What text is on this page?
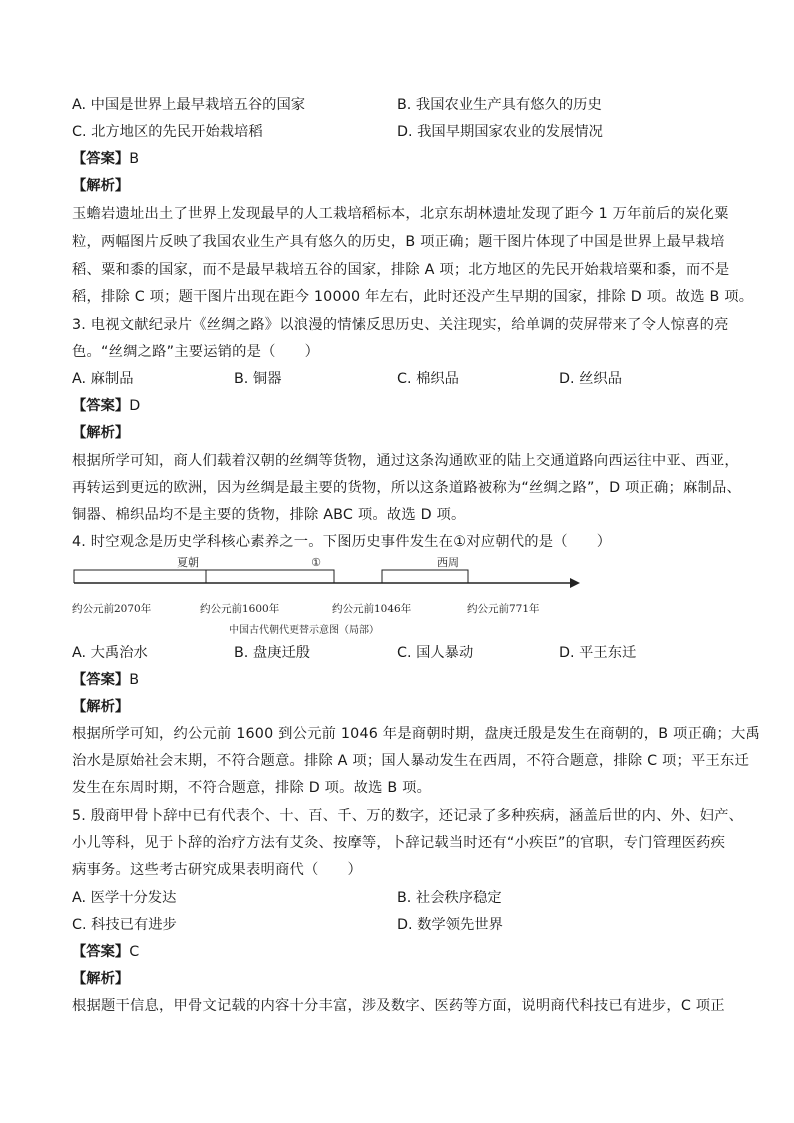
A. 中国是世界上最早栽培五谷的国家	B. 我国农业生产具有悠久的历史
C. 北方地区的先民开始栽培稻	D. 我国早期国家农业的发展情况
【答案】B
【解析】
玉蟾岩遗址出土了世界上发现最早的人工栽培稻标本，北京东胡林遗址发现了距今 1 万年前后的炭化粟
粒，两幅图片反映了我国农业生产具有悠久的历史，B 项正确；题干图片体现了中国是世界上最早栽培
稻、粟和黍的国家，而不是最早栽培五谷的国家，排除 A 项；北方地区的先民开始栽培粟和黍，而不是
稻，排除 C 项；题干图片出现在距今 10000 年左右，此时还没产生早期的国家，排除 D 项。故选 B 项。
3. 电视文献纪录片《丝绸之路》以浪漫的情愫反思历史、关注现实，给单调的荧屏带来了令人惊喜的亮
色。“丝绸之路”主要运销的是（　　）
A. 麻制品	B. 铜器	C. 棉织品	D. 丝织品
【答案】D
【解析】
根据所学可知，商人们载着汉朝的丝绸等货物，通过这条沟通欧亚的陆上交通道路向西运往中亚、西亚，
再转运到更远的欧洲，因为丝绸是最主要的货物，所以这条道路被称为“丝绸之路”，D 项正确；麻制品、
铜器、棉织品均不是主要的货物，排除 ABC 项。故选 D 项。
4. 时空观念是历史学科核心素养之一。下图历史事件发生在①对应朝代的是（　　）
夏朝	①	西周
约公元前2070年	约公元前1600年	约公元前1046年	约公元前771年
中国古代朝代更替示意图（局部）
A. 大禹治水	B. 盘庚迁殷	C. 国人暴动	D. 平王东迁
【答案】B
【解析】
根据所学可知，约公元前 1600 到公元前 1046 年是商朝时期，盘庚迁殷是发生在商朝的，B 项正确；大禹
治水是原始社会末期，不符合题意。排除 A 项；国人暴动发生在西周，不符合题意，排除 C 项；平王东迁
发生在东周时期，不符合题意，排除 D 项。故选 B 项。
5. 殷商甲骨卜辞中已有代表个、十、百、千、万的数字，还记录了多种疾病，涵盖后世的内、外、妇产、
小儿等科，见于卜辞的治疗方法有艾灸、按摩等，卜辞记载当时还有“小疾臣”的官职，专门管理医药疾
病事务。这些考古研究成果表明商代（　　）
A. 医学十分发达	B. 社会秩序稳定
C. 科技已有进步	D. 数学领先世界
【答案】C
【解析】
根据题干信息，甲骨文记载的内容十分丰富，涉及数字、医药等方面，说明商代科技已有进步，C 项正
